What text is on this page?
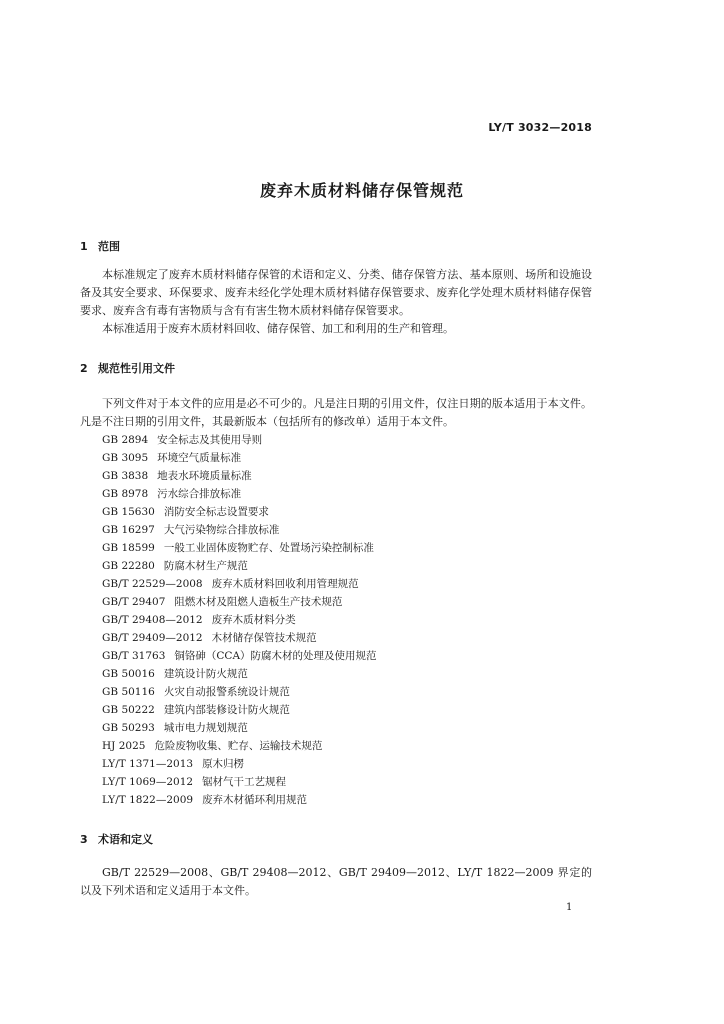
LY/T 3032—2018
废弃木质材料储存保管规范
1 范围

本标准规定了废弃木质材料储存保管的术语和定义、分类、储存保管方法、基本原则、场所和设施设备及其安全要求、环保要求、废弃未经化学处理木质材料储存保管要求、废弃化学处理木质材料储存保管要求、废弃含有毒有害物质与含有有害生物木质材料储存保管要求。

本标准适用于废弃木质材料回收、储存保管、加工和利用的生产和管理。

2 规范性引用文件

下列文件对于本文件的应用是必不可少的。凡是注日期的引用文件，仅注日期的版本适用于本文件。凡是不注日期的引用文件，其最新版本（包括所有的修改单）适用于本文件。

GB 2894 安全标志及其使用导则
GB 3095 环境空气质量标准
GB 3838 地表水环境质量标准
GB 8978 污水综合排放标准
GB 15630 消防安全标志设置要求
GB 16297 大气污染物综合排放标准
GB 18599 一般工业固体废物贮存、处置场污染控制标准
GB 22280 防腐木材生产规范
GB/T 22529—2008 废弃木质材料回收利用管理规范
GB/T 29407 阻燃木材及阻燃人造板生产技术规范
GB/T 29408—2012 废弃木质材料分类
GB/T 29409—2012 木材储存保管技术规范
GB/T 31763 铜铬砷（CCA）防腐木材的处理及使用规范
GB 50016 建筑设计防火规范
GB 50116 火灾自动报警系统设计规范
GB 50222 建筑内部装修设计防火规范
GB 50293 城市电力规划规范
HJ 2025 危险废物收集、贮存、运输技术规范
LY/T 1371—2013 原木归楞
LY/T 1069—2012 锯材气干工艺规程
LY/T 1822—2009 废弃木材循环利用规范
3 术语和定义

GB/T 22529—2008、GB/T 29408—2012、GB/T 29409—2012、LY/T 1822—2009 界定的以及下列术语和定义适用于本文件。

1
